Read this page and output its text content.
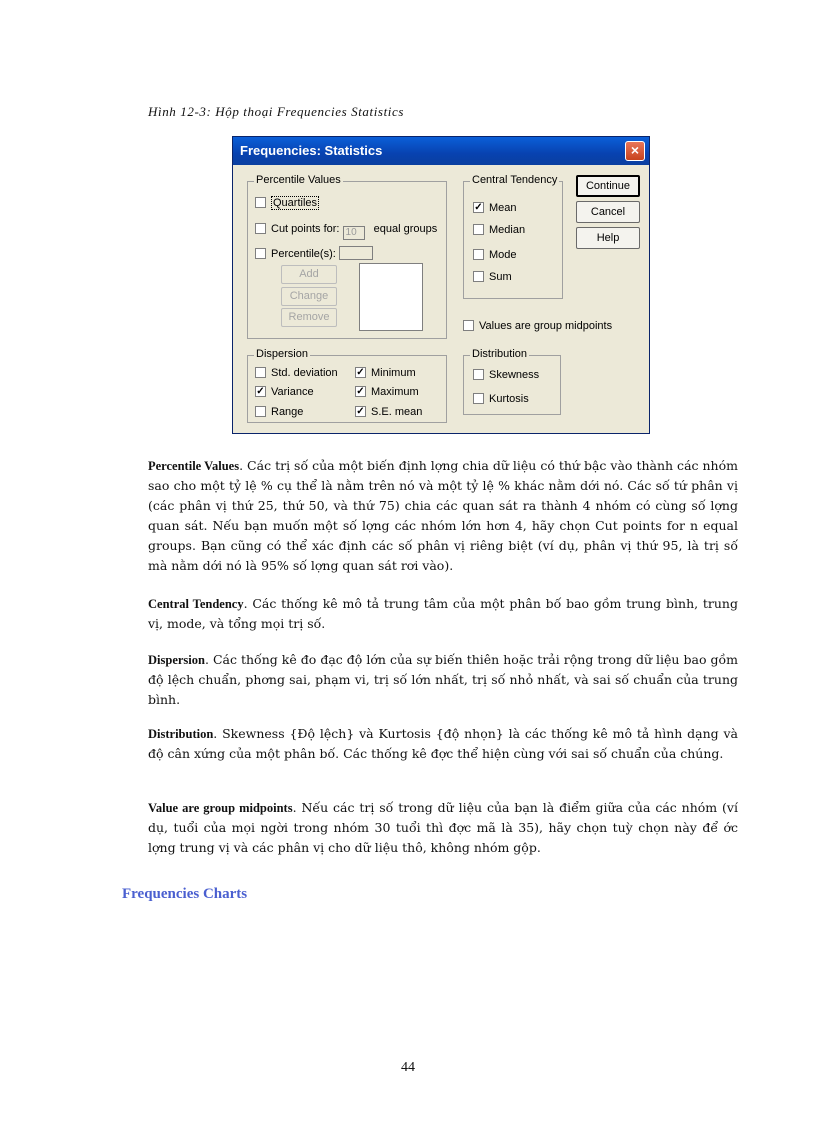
Hình 12-3: Hộp thoại Frequencies Statistics
Frequencies: Statistics	×
Percentile Values
Quartiles
Cut points for: 10 equal groups
Percentile(s):
Add
Change
Remove
Central Tendency
✓Mean
Median
Mode
Sum
Continue
Cancel
Help
Values are group midpoints
Dispersion
Std. deviation
✓Variance
Range
✓Minimum
✓Maximum
✓S.E. mean
Distribution
Skewness
Kurtosis
Percentile Values. Các trị số của một biến định lợng chia dữ liệu có thứ bậc vào thành các nhóm sao cho một tỷ lệ % cụ thể là nằm trên nó và một tỷ lệ % khác nằm dới nó. Các số tứ phân vị (các phân vị thứ 25, thứ 50, và thứ 75) chia các quan sát ra thành 4 nhóm có cùng số lợng quan sát. Nếu bạn muốn một số lợng các nhóm lớn hơn 4, hãy chọn Cut points for n equal groups. Bạn cũng có thể xác định các số phân vị riêng biệt (ví dụ, phân vị thứ 95, là trị số mà nằm dới nó là 95% số lợng quan sát rơi vào).
Central Tendency. Các thống kê mô tả trung tâm của một phân bố bao gồm trung bình, trung vị, mode, và tổng mọi trị số.
Dispersion. Các thống kê đo đạc độ lớn của sự biến thiên hoặc trải rộng trong dữ liệu bao gồm độ lệch chuẩn, phơng sai, phạm vi, trị số lớn nhất, trị số nhỏ nhất, và sai số chuẩn của trung bình.
Distribution. Skewness {Độ lệch} và Kurtosis {độ nhọn} là các thống kê mô tả hình dạng và độ cân xứng của một phân bố. Các thống kê đợc thể hiện cùng với sai số chuẩn của chúng.
Value are group midpoints. Nếu các trị số trong dữ liệu của bạn là điểm giữa của các nhóm (ví dụ, tuổi của mọi ngời trong nhóm 30 tuổi thì đợc mã là 35), hãy chọn tuỳ chọn này để ớc lợng trung vị và các phân vị cho dữ liệu thô, không nhóm gộp.
Frequencies Charts
44
